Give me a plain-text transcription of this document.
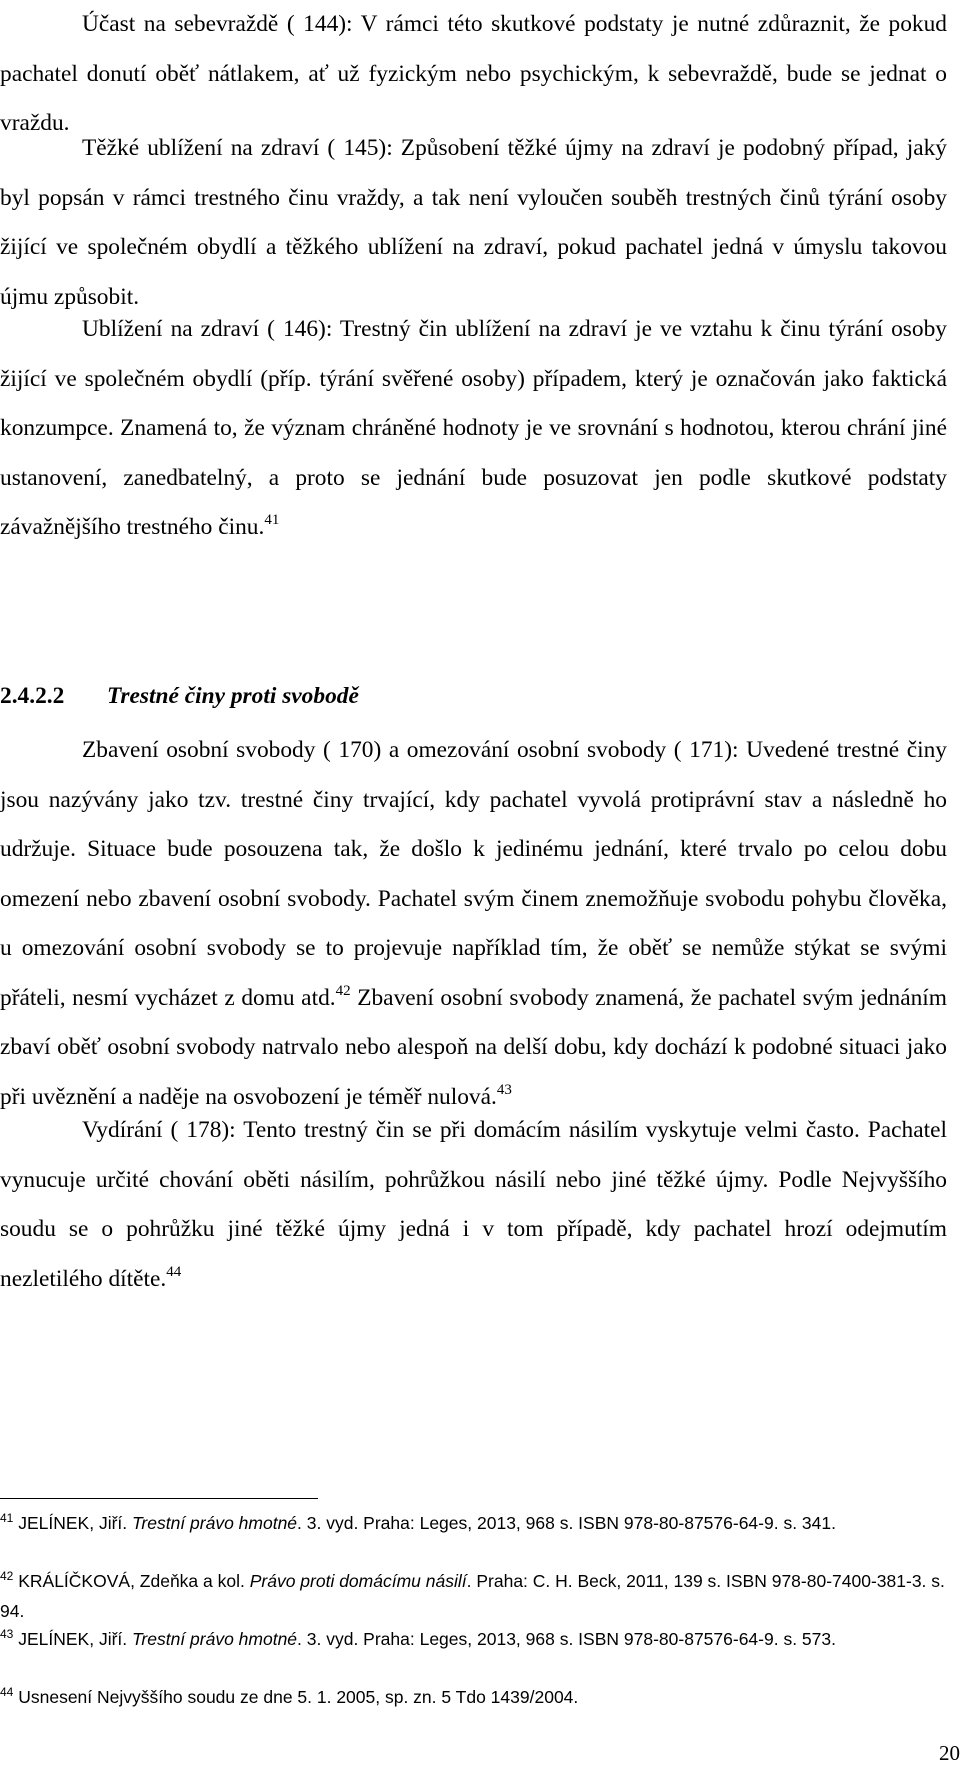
Účast na sebevraždě ( 144): V rámci této skutkové podstaty je nutné zdůraznit, že pokud pachatel donutí oběť nátlakem, ať už fyzickým nebo psychickým, k sebevraždě, bude se jednat o vraždu.

Těžké ublížení na zdraví ( 145): Způsobení těžké újmy na zdraví je podobný případ, jaký byl popsán v rámci trestného činu vraždy, a tak není vyloučen souběh trestných činů týrání osoby žijící ve společném obydlí a těžkého ublížení na zdraví, pokud pachatel jedná v úmyslu takovou újmu způsobit.

Ublížení na zdraví ( 146): Trestný čin ublížení na zdraví je ve vztahu k činu týrání osoby žijící ve společném obydlí (příp. týrání svěřené osoby) případem, který je označován jako faktická konzumpce. Znamená to, že význam chráněné hodnoty je ve srovnání s hodnotou, kterou chrání jiné ustanovení, zanedbatelný, a proto se jednání bude posuzovat jen podle skutkové podstaty závažnějšího trestného činu.$^{41}$

2.4.2.2 Trestné činy proti svobodě

Zbavení osobní svobody ( 170) a omezování osobní svobody ( 171): Uvedené trestné činy jsou nazývány jako tzv. trestné činy trvající, kdy pachatel vyvolá protiprávní stav a následně ho udržuje. Situace bude posouzena tak, že došlo k jedinému jednání, které trvalo po celou dobu omezení nebo zbavení osobní svobody. Pachatel svým činem znemožňuje svobodu pohybu člověka, u omezování osobní svobody se to projevuje například tím, že oběť se nemůže stýkat se svými přáteli, nesmí vycházet z domu atd.$^{42}$ Zbavení osobní svobody znamená, že pachatel svým jednáním zbaví oběť osobní svobody natrvalo nebo alespoň na delší dobu, kdy dochází k podobné situaci jako při uvěznění a naděje na osvobození je téměř nulová.$^{43}$

Vydírání ( 178): Tento trestný čin se při domácím násilím vyskytuje velmi často. Pachatel vynucuje určité chování oběti násilím, pohrůžkou násilí nebo jiné těžké újmy. Podle Nejvyššího soudu se o pohrůžku jiné těžké újmy jedná i v tom případě, kdy pachatel hrozí odejmutím nezletilého dítěte.$^{44}$

$^{41}$ JELÍNEK, Jiří. Trestní právo hmotné. 3. vyd. Praha: Leges, 2013, 968 s. ISBN 978-80-87576-64-9. s. 341.

$^{42}$ KRÁLÍČKOVÁ, Zdeňka a kol. Právo proti domácímu násilí. Praha: C. H. Beck, 2011, 139 s. ISBN 978-80-7400-381-3. s. 94.

$^{43}$ JELÍNEK, Jiří. Trestní právo hmotné. 3. vyd. Praha: Leges, 2013, 968 s. ISBN 978-80-87576-64-9. s. 573.

$^{44}$ Usnesení Nejvyššího soudu ze dne 5. 1. 2005, sp. zn. 5 Tdo 1439/2004.

20
